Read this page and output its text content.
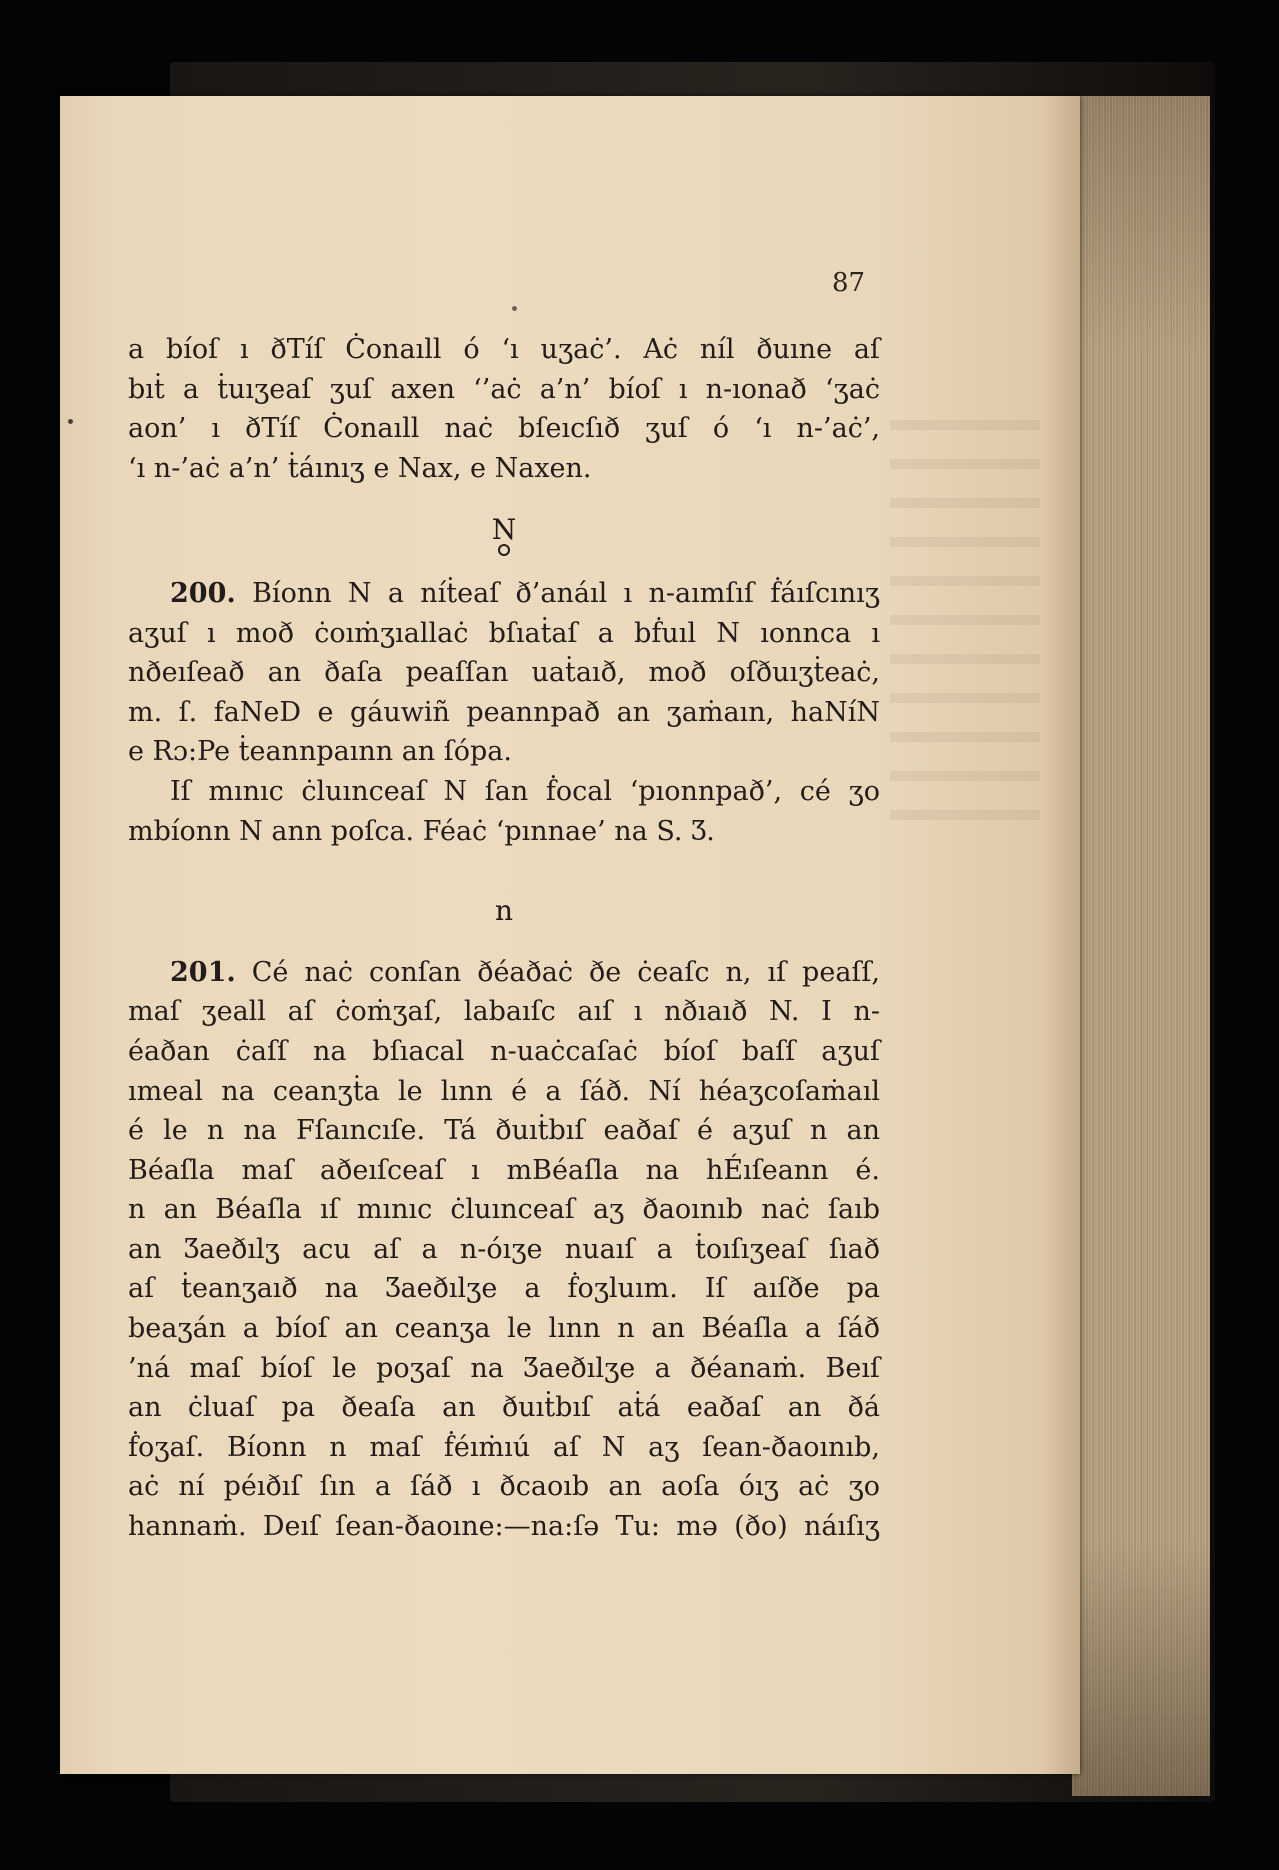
87
a bíoſ ı ðTíſ Ċonaıll ó ‘ı uʒaċ’. Aċ níl ðuıne aſ
bıṫ a ṫuıʒeaſ ʒuſ axen ‘’aċ a’n’ bíoſ ı n-ıonað ‘ʒaċ
aon’ ı ðTíſ Ċonaıll naċ bſeıcſıð ʒuſ ó ‘ı n-’aċ’,
‘ı n-’aċ a’n’ ṫáınıʒ e Nax, e Naxen.
N
200. Bíonn N a níṫeaſ ð’anáıl ı n-aımſıſ ḟáıſcınıʒ
aʒuſ ı moð ċoıṁʒıallaċ bſıaṫaſ a bḟuıl N ıonnca ı
nðeıſeað an ðaſa peaſſan uaṫaıð, moð oſðuıʒṫeaċ,
m. ſ. faNeD e gáuwiñ peannpað an ʒaṁaın, haNíN
e Rɔ:Pe ṫeannpaınn an ſópa.
Iſ mınıc ċluınceaſ N ſan ḟocal ‘pıonnpað’, cé ʒo
mbíonn N ann poſca. Féaċ ‘pınnae’ na S. Ʒ.
n
201. Cé naċ conſan ðéaðaċ ðe ċeaſc n, ıſ peaſſ,
maſ ʒeall aſ ċoṁʒaſ, labaıſc aıſ ı nðıaıð N. I n-
éaðan ċaſſ na bſıacal n-uaċcaſaċ bíoſ baſſ aʒuſ
ımeal na ceanʒṫa le lınn é a ſáð. Ní héaʒcoſaṁaıl
é le n na Fſaıncıſe. Tá ðuıṫbıſ eaðaſ é aʒuſ n an
Béaſla maſ aðeıſceaſ ı mBéaſla na hÉıſeann é.
n an Béaſla ıſ mınıc ċluınceaſ aʒ ðaoınıb naċ ſaıb
an Ʒaeðılʒ acu aſ a n-óıʒe nuaıſ a ṫoıſıʒeaſ ſıað
aſ ṫeanʒaıð na Ʒaeðılʒe a ḟoʒluım. Iſ aıſðe pa
beaʒán a bíoſ an ceanʒa le lınn n an Béaſla a ſáð
’ná maſ bíoſ le poʒaſ na Ʒaeðılʒe a ðéanaṁ. Beıſ
an ċluaſ pa ðeaſa an ðuıṫbıſ aṫá eaðaſ an ðá
ḟoʒaſ. Bíonn n maſ ḟéıṁıú aſ N aʒ ſean-ðaoınıb,
aċ ní péıðıſ ſın a ſáð ı ðcaoıb an aoſa óıʒ aċ ʒo
hannaṁ. Deıſ ſean-ðaoıne:—na:ſə Tu: mə (ðo) náıſıʒ
